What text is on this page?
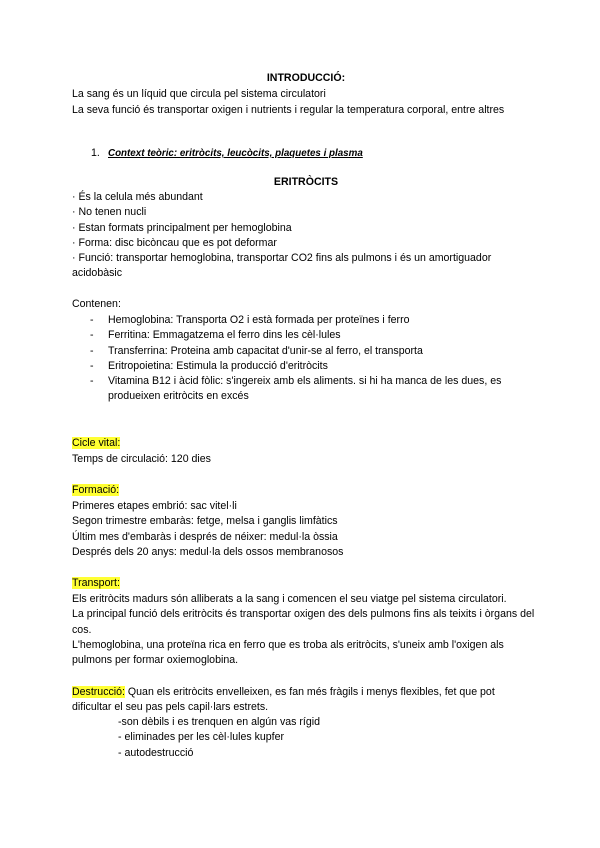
INTRODUCCIÓ:

La sang és un líquid que circula pel sistema circulatori

La seva funció és transportar oxigen i nutrients i regular la temperatura corporal, entre altres

1. Context teòric: eritròcits, leucòcits, plaquetes i plasma

ERITRÒCITS

· És la celula més abundant

· No tenen nucli

· Estan formats principalment per hemoglobina

· Forma: disc bicòncau que es pot deformar

· Funció: transportar hemoglobina, transportar CO2 fins als pulmons i és un amortiguador

acidobàsic

Contenen:

- Hemoglobina: Transporta O2 i està formada per proteïnes i ferro
- Ferritina: Emmagatzema el ferro dins les cèl·lules
- Transferrina: Proteina amb capacitat d'unir-se al ferro, el transporta
- Eritropoietina: Estimula la producció d'eritròcits
- Vitamina B12 i àcid fòlic: s'ingereix amb els aliments. si hi ha manca de les dues, es
produeixen eritròcits en excés

Cicle vital:

Temps de circulació: 120 dies

Formació:

Primeres etapes embrió: sac vitel·li

Segon trimestre embaràs: fetge, melsa i ganglis limfàtics

Últim mes d'embaràs i després de néixer: medul·la òssia

Després dels 20 anys: medul·la dels ossos membranosos

Transport:

Els eritròcits madurs són alliberats a la sang i comencen el seu viatge pel sistema circulatori.

La principal funció dels eritròcits és transportar oxigen des dels pulmons fins als teixits i òrgans del

cos.

L'hemoglobina, una proteïna rica en ferro que es troba als eritròcits, s'uneix amb l'oxigen als

pulmons per formar oxiemoglobina.

Destrucció: Quan els eritròcits envelleixen, es fan més fràgils i menys flexibles, fet que pot

dificultar el seu pas pels capil·lars estrets.

-son dèbils i es trenquen en algún vas rígid

- eliminades per les cèl·lules kupfer

- autodestrucció
